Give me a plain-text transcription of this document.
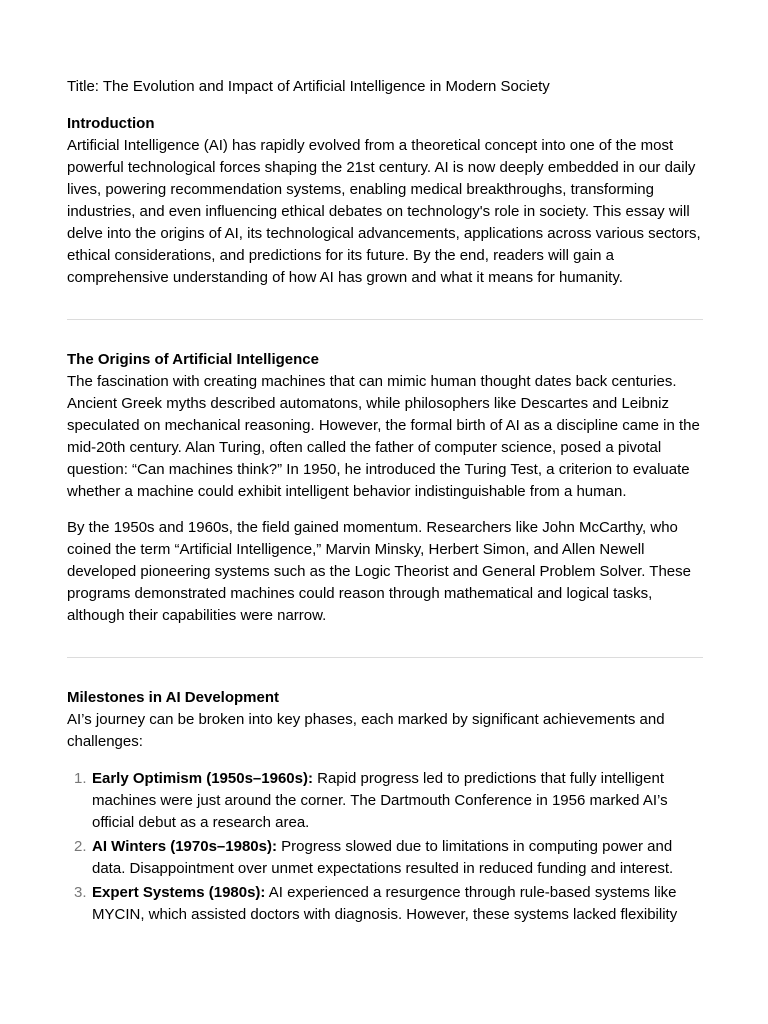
Title: The Evolution and Impact of Artificial Intelligence in Modern Society

Introduction

Artificial Intelligence (AI) has rapidly evolved from a theoretical concept into one of the most powerful technological forces shaping the 21st century. AI is now deeply embedded in our daily lives, powering recommendation systems, enabling medical breakthroughs, transforming industries, and even influencing ethical debates on technology's role in society. This essay will delve into the origins of AI, its technological advancements, applications across various sectors, ethical considerations, and predictions for its future. By the end, readers will gain a comprehensive understanding of how AI has grown and what it means for humanity.

The Origins of Artificial Intelligence

The fascination with creating machines that can mimic human thought dates back centuries. Ancient Greek myths described automatons, while philosophers like Descartes and Leibniz speculated on mechanical reasoning. However, the formal birth of AI as a discipline came in the mid-20th century. Alan Turing, often called the father of computer science, posed a pivotal question: “Can machines think?” In 1950, he introduced the Turing Test, a criterion to evaluate whether a machine could exhibit intelligent behavior indistinguishable from a human.

By the 1950s and 1960s, the field gained momentum. Researchers like John McCarthy, who coined the term “Artificial Intelligence,” Marvin Minsky, Herbert Simon, and Allen Newell developed pioneering systems such as the Logic Theorist and General Problem Solver. These programs demonstrated machines could reason through mathematical and logical tasks, although their capabilities were narrow.

Milestones in AI Development

AI’s journey can be broken into key phases, each marked by significant achievements and challenges:

1. Early Optimism (1950s–1960s): Rapid progress led to predictions that fully intelligent machines were just around the corner. The Dartmouth Conference in 1956 marked AI’s official debut as a research area.
2. AI Winters (1970s–1980s): Progress slowed due to limitations in computing power and data. Disappointment over unmet expectations resulted in reduced funding and interest.
3. Expert Systems (1980s): AI experienced a resurgence through rule-based systems like MYCIN, which assisted doctors with diagnosis. However, these systems lacked flexibility
